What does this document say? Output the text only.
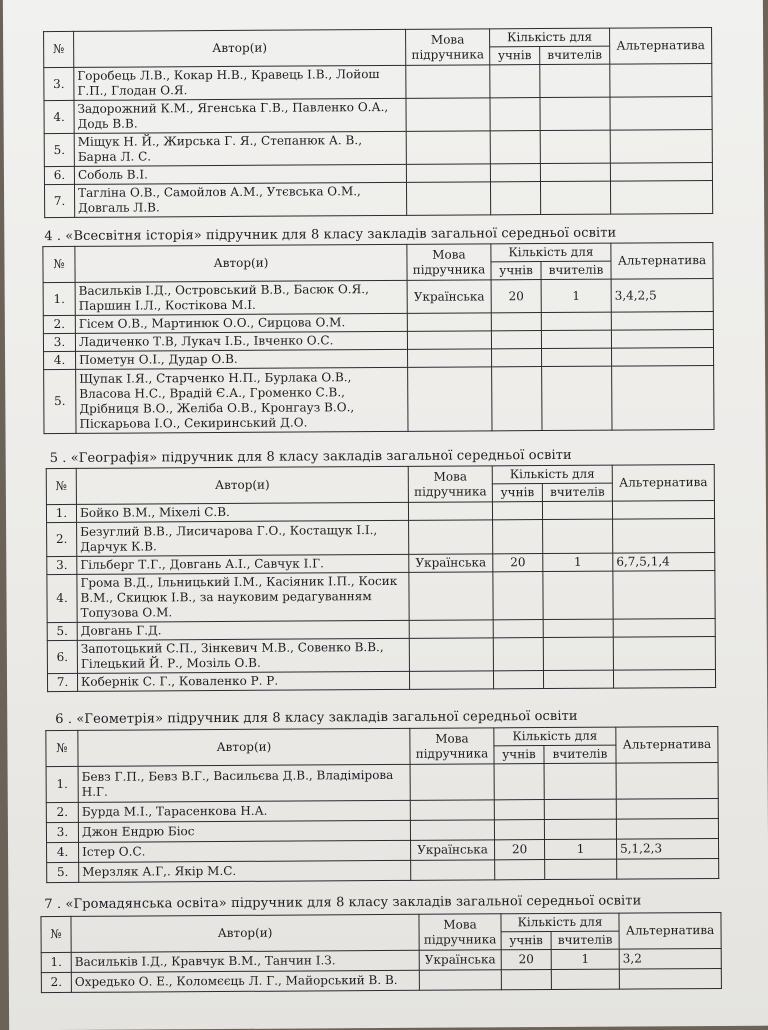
№	Автор(и)	Мова підручника	Кількість для		Альтернатива
			учнів	вчителів	
3.	Горобець Л.В., Кокар Н.В., Кравець І.В., Лойош Г.П., Глодан О.Я.				
4.	Задорожний К.М., Ягенська Г.В., Павленко О.А., Додь В.В.				
5.	Міщук Н. Й., Жирська Г. Я., Степанюк А. В., Барна Л. С.				
6.	Соболь В.І.				
7.	Тагліна О.В., Самойлов А.М., Утєвська О.М., Довгаль Л.В.				
4 . «Всесвітня історія» підручник для 8 класу закладів загальної середньої освіти
№	Автор(и)	Мова підручника	Кількість для		Альтернатива
			учнів	вчителів	
1.	Васильків І.Д., Островський В.В., Басюк О.Я., Паршин І.Л., Костікова М.І.	Українська	20	1	3,4,2,5
2.	Гісем О.В., Мартинюк О.О., Сирцова О.М.				
3.	Ладиченко Т.В, Лукач І.Б., Івченко О.С.				
4.	Пометун О.І., Дудар О.В.				
5.	Щупак І.Я., Старченко Н.П., Бурлака О.В., Власова Н.С., Врадій Є.А., Громенко С.В., Дрібниця В.О., Желіба О.В., Кронгауз В.О., Піскарьова І.О., Секиринський Д.О.				
5 . «Географія» підручник для 8 класу закладів загальної середньої освіти
№	Автор(и)	Мова підручника	Кількість для		Альтернатива
			учнів	вчителів	
1.	Бойко В.М., Міхелі С.В.				
2.	Безуглий В.В., Лисичарова Г.О., Костащук І.І., Дарчук К.В.				
3.	Гільберг Т.Г., Довгань А.І., Савчук І.Г.	Українська	20	1	6,7,5,1,4
4.	Грома В.Д., Ільницький І.М., Касіяник І.П., Косик В.М., Скицюк І.В., за науковим редагуванням Топузова О.М.				
5.	Довгань Г.Д.				
6.	Запотоцький С.П., Зінкевич М.В., Совенко В.В., Гілецький Й. Р., Мозіль О.В.				
7.	Кобернік С. Г., Коваленко Р. Р.				
6 . «Геометрія» підручник для 8 класу закладів загальної середньої освіти
№	Автор(и)	Мова підручника	Кількість для		Альтернатива
			учнів	вчителів	
1.	Бевз Г.П., Бевз В.Г., Васильєва Д.В., Владімірова Н.Г.				
2.	Бурда М.І., Тарасенкова Н.А.				
3.	Джон Ендрю Біос				
4.	Істер О.С.	Українська	20	1	5,1,2,3
5.	Мерзляк А.Г,. Якір М.С.				
7 . «Громадянська освіта» підручник для 8 класу закладів загальної середньої освіти
№	Автор(и)	Мова підручника	Кількість для		Альтернатива
			учнів	вчителів	
1.	Васильків І.Д., Кравчук В.М., Танчин І.З.	Українська	20	1	3,2
2.	Охредько О. Е., Коломєєць Л. Г., Майорський В. В.				
